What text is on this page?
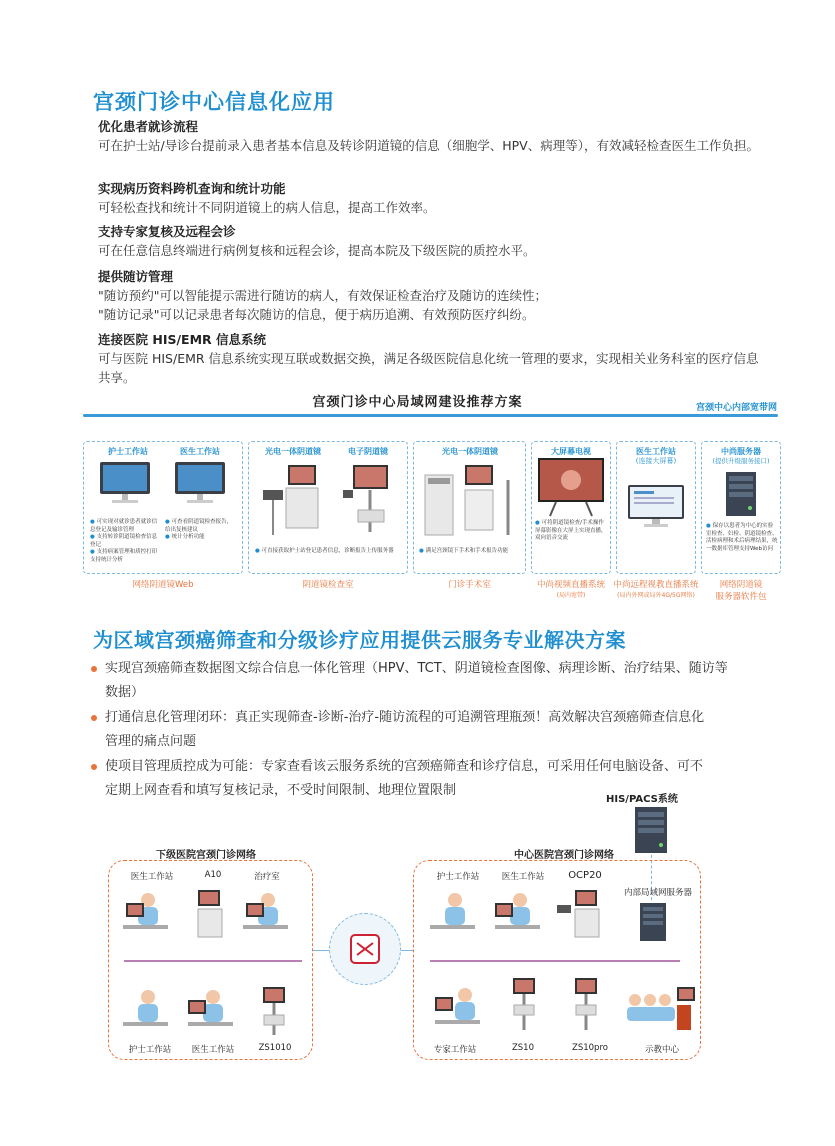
宫颈门诊中心信息化应用
优化患者就诊流程
可在护士站/导诊台提前录入患者基本信息及转诊阴道镜的信息（细胞学、HPV、病理等），有效减轻检查医生工作负担。
实现病历资料跨机查询和统计功能
可轻松查找和统计不同阴道镜上的病人信息，提高工作效率。
支持专家复核及远程会诊
可在任意信息终端进行病例复核和远程会诊，提高本院及下级医院的质控水平。
提供随访管理
"随访预约"可以智能提示需进行随访的病人，有效保证检查治疗及随访的连续性；
"随访记录"可以记录患者每次随访的信息，便于病历追溯、有效预防医疗纠纷。
连接医院 HIS/EMR 信息系统
可与医院 HIS/EMR 信息系统实现互联或数据交换，满足各级医院信息化统一管理的要求，实现相关业务科室的医疗信息共享。
宫颈门诊中心局域网建设推荐方案	宫颈中心内部宽带网
护士工作站	医生工作站
● 可实现对就诊患者就诊信息登记及输诊管理
● 支持转诊阴道镜检查信息登记
● 支持病案管理和质控打印支持统计分析
● 可查看阴道镜检查报告，给出复核建议
● 统计分析功能
网络阴道镜Web
光电一体阴道镜	电子阴道镜
● 可直接获取护士站登记患者信息，诊断报告上传服务器
阴道镜检查室
光电一体阴道镜
● 满足宫颈镜下手术和手术报告功能
门诊手术室
大屏幕电视
● 可将阴道镜检查/手术操作屏幕影像在大屏上实现直播，双向语音交流
中尚视频直播系统
(局内宽带)
医生工作站
(连接大屏幕)
中尚远程视教直播系统
(局内外网或局外4G/5G网络)
中尚服务器
(提供升级服务接口)
● 保存以患者为中心的实验室检查、妇检、阴道镜检查、活检病理和术后病理结果，统一数据库管理支持Web访问
网络阴道镜
服务器软件包
为区域宫颈癌筛查和分级诊疗应用提供云服务专业解决方案
实现宫颈癌筛查数据图文综合信息一体化管理（HPV、TCT、阴道镜检查图像、病理诊断、治疗结果、随访等
数据）
打通信息化管理闭环：真正实现筛查-诊断-治疗-随访流程的可追溯管理瓶颈！高效解决宫颈癌筛查信息化
管理的痛点问题
使项目管理质控成为可能：专家查看该云服务系统的宫颈癌筛查和诊疗信息，可采用任何电脑设备、可不
定期上网查看和填写复核记录，不受时间限制、地理位置限制
HIS/PACS系统
下级医院宫颈门诊网络	中心医院宫颈门诊网络
医生工作站	A10	治疗室
护士工作站	医生工作站	ZS1010
护士工作站	医生工作站	OCP20
内部局域网服务器
专家工作站	ZS10	ZS10pro	示教中心
